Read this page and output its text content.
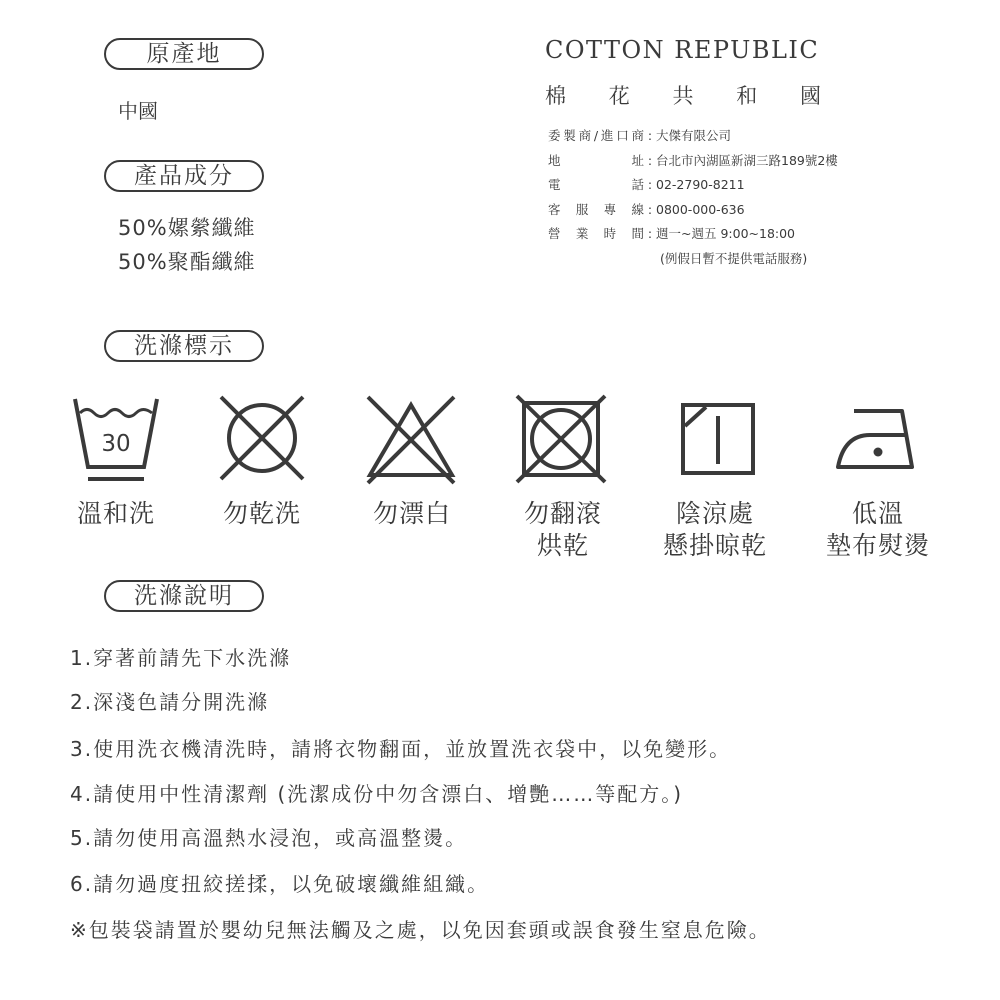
原產地
中國
產品成分
50%嫘縈纖維
50%聚酯纖維
COTTON REPUBLIC
棉 花 共 和 國
委 製 商 / 進 口 商 : 大傑有限公司
地	址 : 台北市內湖區新湖三路189號2樓
電	話 : 02-2790-8211
客 服 專 線 : 0800-000-636
營 業 時 間 : 週一~週五 9:00~18:00
(例假日暫不提供電話服務)
洗滌標示
30
溫和洗	勿乾洗	勿漂白	勿翻滾
烘乾
陰涼處
懸掛晾乾
低溫
墊布熨燙
洗滌說明
1.穿著前請先下水洗滌
2.深淺色請分開洗滌
3.使用洗衣機清洗時，請將衣物翻面，並放置洗衣袋中，以免變形。
4.請使用中性清潔劑 (洗潔成份中勿含漂白、增艷……等配方。)
5.請勿使用高溫熱水浸泡，或高溫整燙。
6.請勿過度扭絞搓揉，以免破壞纖維組織。
※包裝袋請置於嬰幼兒無法觸及之處，以免因套頭或誤食發生窒息危險。
